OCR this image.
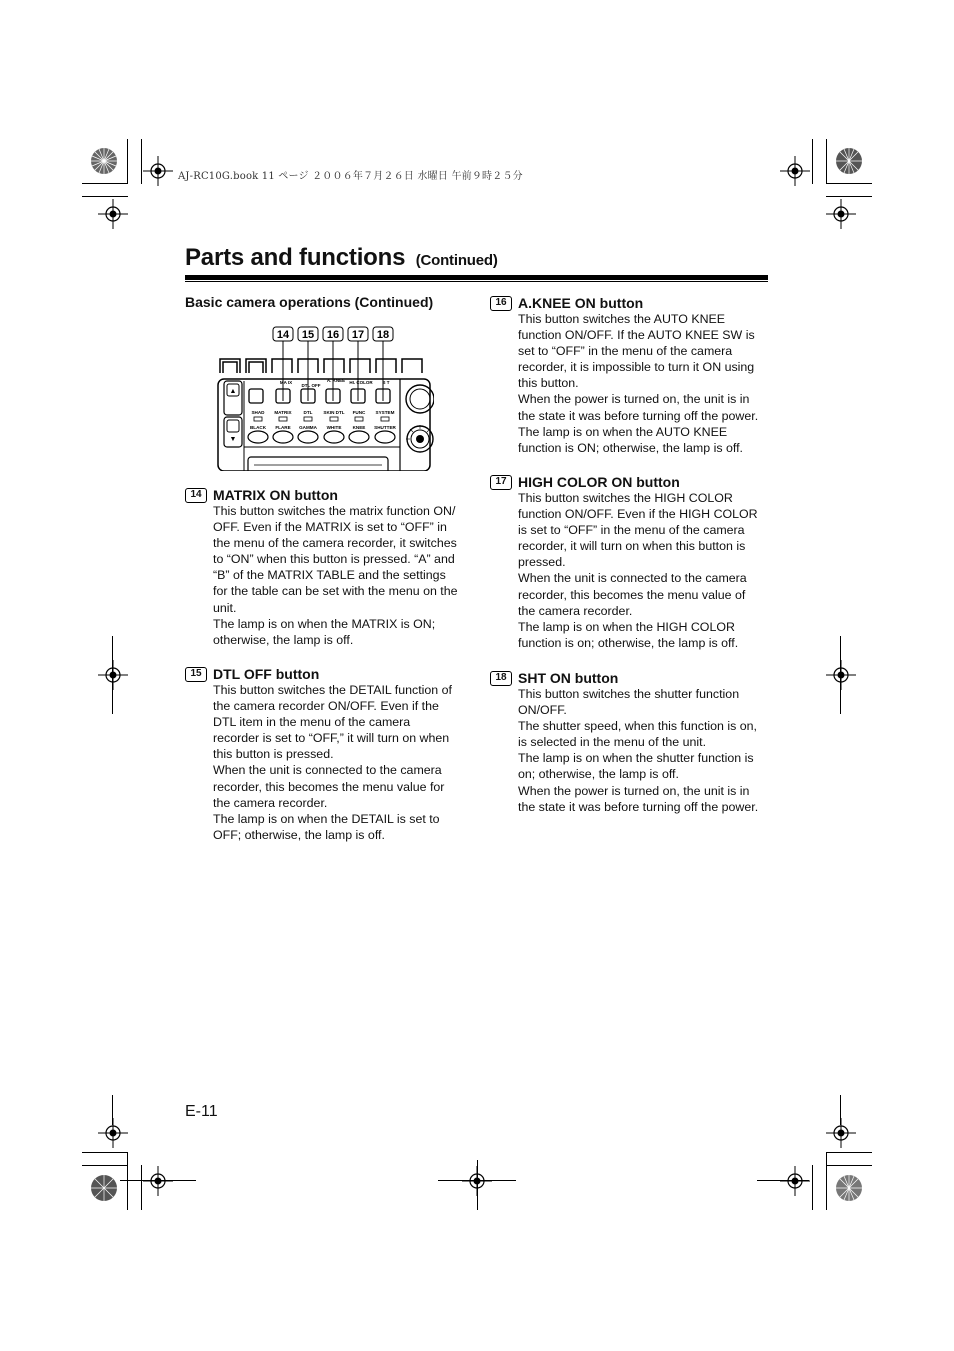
AJ-RC10G.book 11 ページ ２００６年７月２６日 水曜日 午前９時２５分
Parts and functions (Continued)
Basic camera operations (Continued)
14 15 16 17 18
▲
▼
MA IX
DTL OFF
A. KNEE HI. COLOR S T
SHAD MATRIX	DTL SKIN DTL FUNC SYSTEM
BLACK FLARE GAMMA WHITE KNEE SHUTTER
14 MATRIX ON button

This button switches the matrix function ON/

OFF. Even if the MATRIX is set to “OFF” in

the menu of the camera recorder, it switches

to “ON” when this button is pressed. “A” and

“B” of the MATRIX TABLE and the settings

for the table can be set with the menu on the

unit.

The lamp is on when the MATRIX is ON;

otherwise, the lamp is off.

15 DTL OFF button

This button switches the DETAIL function of

the camera recorder ON/OFF. Even if the

DTL item in the menu of the camera

recorder is set to “OFF,” it will turn on when

this button is pressed.

When the unit is connected to the camera

recorder, this becomes the menu value for

the camera recorder.

The lamp is on when the DETAIL is set to

OFF; otherwise, the lamp is off.

16 A.KNEE ON button

This button switches the AUTO KNEE

function ON/OFF. If the AUTO KNEE SW is

set to “OFF” in the menu of the camera

recorder, it is impossible to turn it ON using

this button.

When the power is turned on, the unit is in

the state it was before turning off the power.

The lamp is on when the AUTO KNEE

function is ON; otherwise, the lamp is off.

17 HIGH COLOR ON button

This button switches the HIGH COLOR

function ON/OFF. Even if the HIGH COLOR

is set to “OFF” in the menu of the camera

recorder, it will turn on when this button is

pressed.

When the unit is connected to the camera

recorder, this becomes the menu value of

the camera recorder.

The lamp is on when the HIGH COLOR

function is on; otherwise, the lamp is off.

18 SHT ON button

This button switches the shutter function

ON/OFF.

The shutter speed, when this function is on,

is selected in the menu of the unit.

The lamp is on when the shutter function is

on; otherwise, the lamp is off.

When the power is turned on, the unit is in

the state it was before turning off the power.

E-11
